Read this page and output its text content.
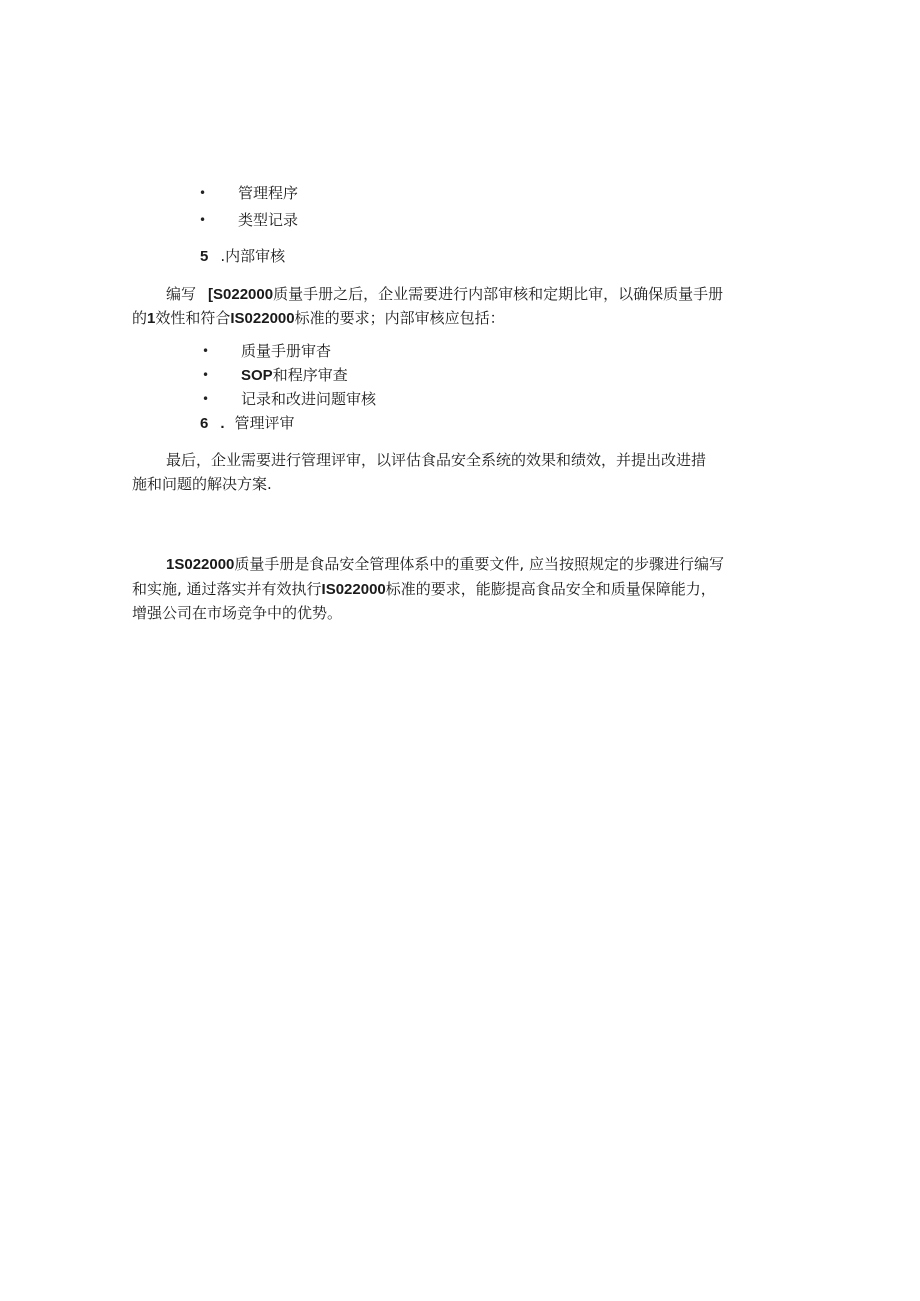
• 管理程序
• 类型记录
5 .内部审核
编写 [S022000质量手册之后，企业需要进行内部审核和定期比审，以确保质量手册
的1效性和符合IS022000标准的要求；内部审核应包括：
• 质量手册审杳
• SOP和程序审查
• 记录和改进问题审核
6 . 管理评审
最后，企业需要进行管理评审，以评估食品安全系统的效果和绩效，并提出改进措
施和问题的解决方案.
1S022000质量手册是食品安全管理体系中的重要文件, 应当按照规定的步骤进行编写
和实施, 通过落实并有效执行IS022000标准的要求，能膨提高食品安全和质量保障能力，
增强公司在市场竞争中的优势。
